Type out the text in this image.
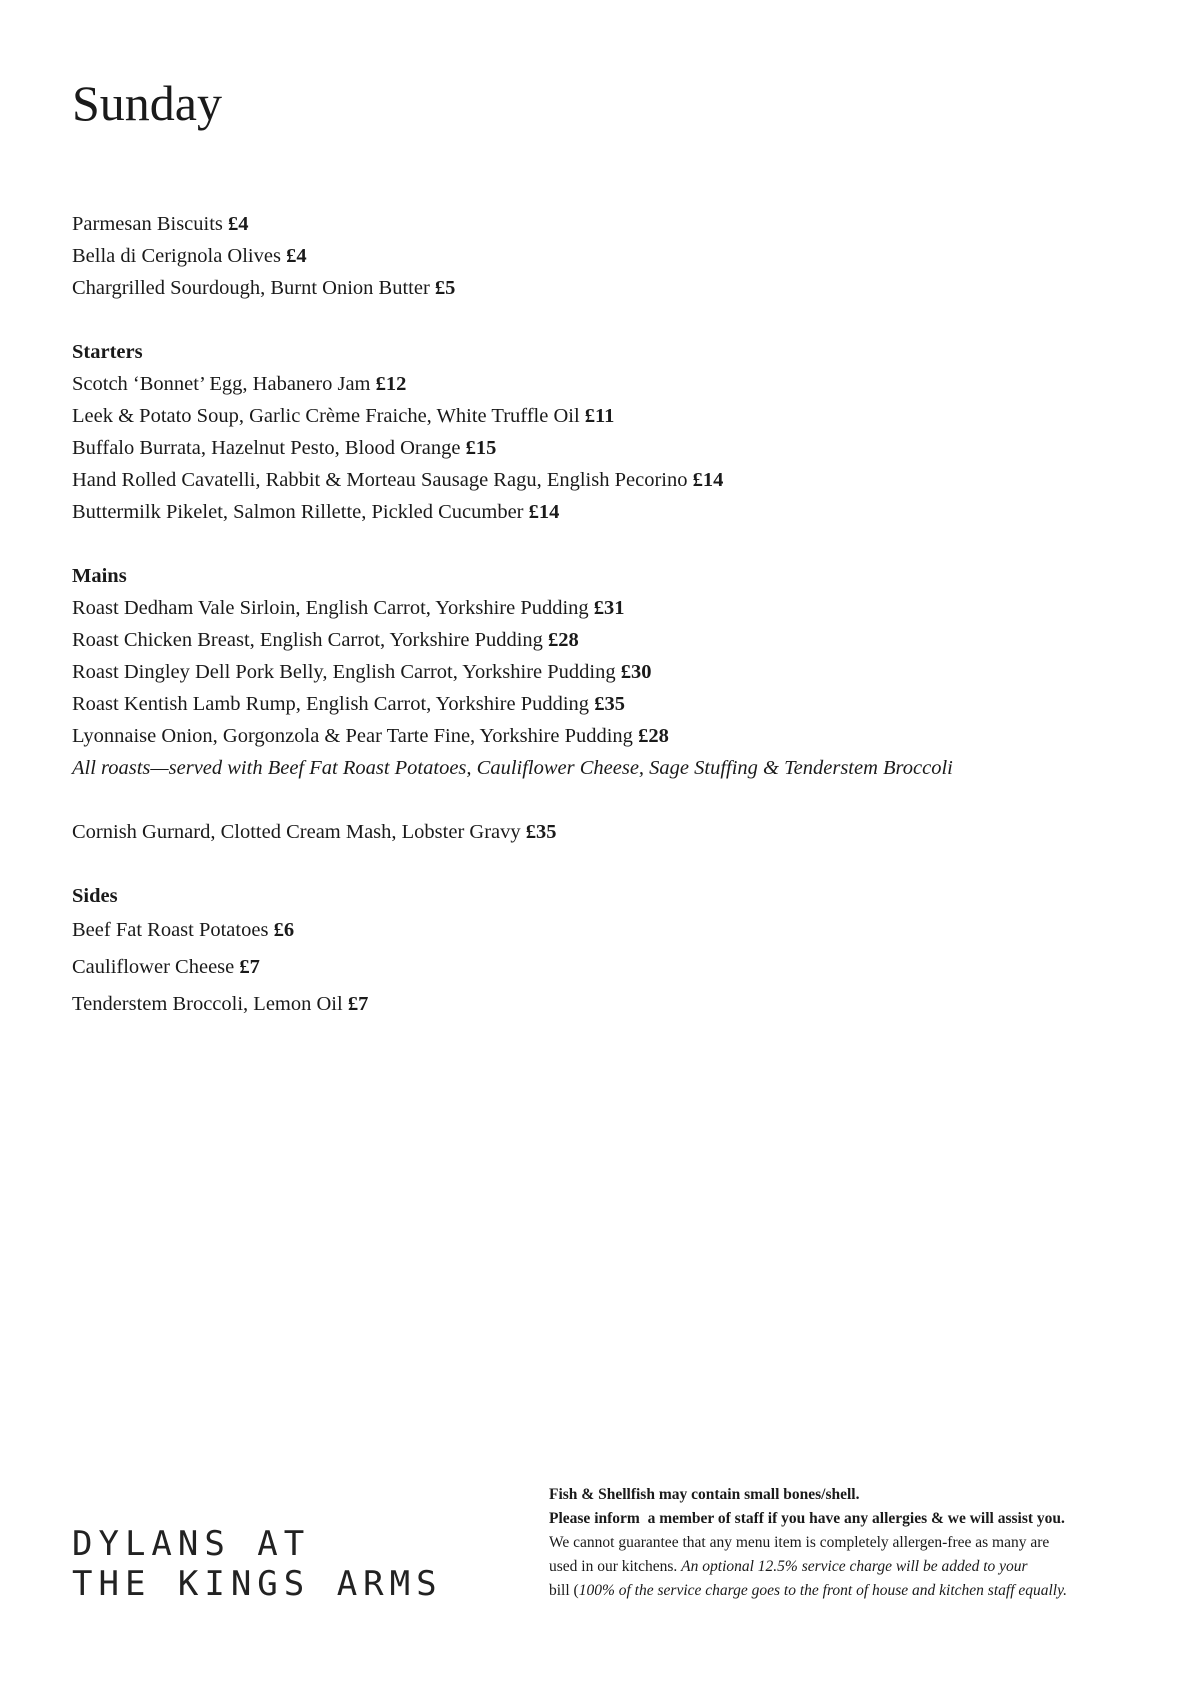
Sunday
Parmesan Biscuits £4
Bella di Cerignola Olives £4
Chargrilled Sourdough, Burnt Onion Butter £5
Starters
Scotch ‘Bonnet’ Egg, Habanero Jam £12
Leek & Potato Soup, Garlic Crème Fraiche, White Truffle Oil £11
Buffalo Burrata, Hazelnut Pesto, Blood Orange £15
Hand Rolled Cavatelli, Rabbit & Morteau Sausage Ragu, English Pecorino £14
Buttermilk Pikelet, Salmon Rillette, Pickled Cucumber £14
Mains
Roast Dedham Vale Sirloin, English Carrot, Yorkshire Pudding £31
Roast Chicken Breast, English Carrot, Yorkshire Pudding £28
Roast Dingley Dell Pork Belly, English Carrot, Yorkshire Pudding £30
Roast Kentish Lamb Rump, English Carrot, Yorkshire Pudding £35
Lyonnaise Onion, Gorgonzola & Pear Tarte Fine, Yorkshire Pudding £28
All roasts—served with Beef Fat Roast Potatoes, Cauliflower Cheese, Sage Stuffing & Tenderstem Broccoli
Cornish Gurnard, Clotted Cream Mash, Lobster Gravy £35
Sides
Beef Fat Roast Potatoes £6
Cauliflower Cheese £7
Tenderstem Broccoli, Lemon Oil £7
DYLANS AT
THE KINGS ARMS
Fish & Shellfish may contain small bones/shell.
Please inform  a member of staff if you have any allergies & we will assist you.
We cannot guarantee that any menu item is completely allergen-free as many are
used in our kitchens. An optional 12.5% service charge will be added to your
bill (100% of the service charge goes to the front of house and kitchen staff equally.
